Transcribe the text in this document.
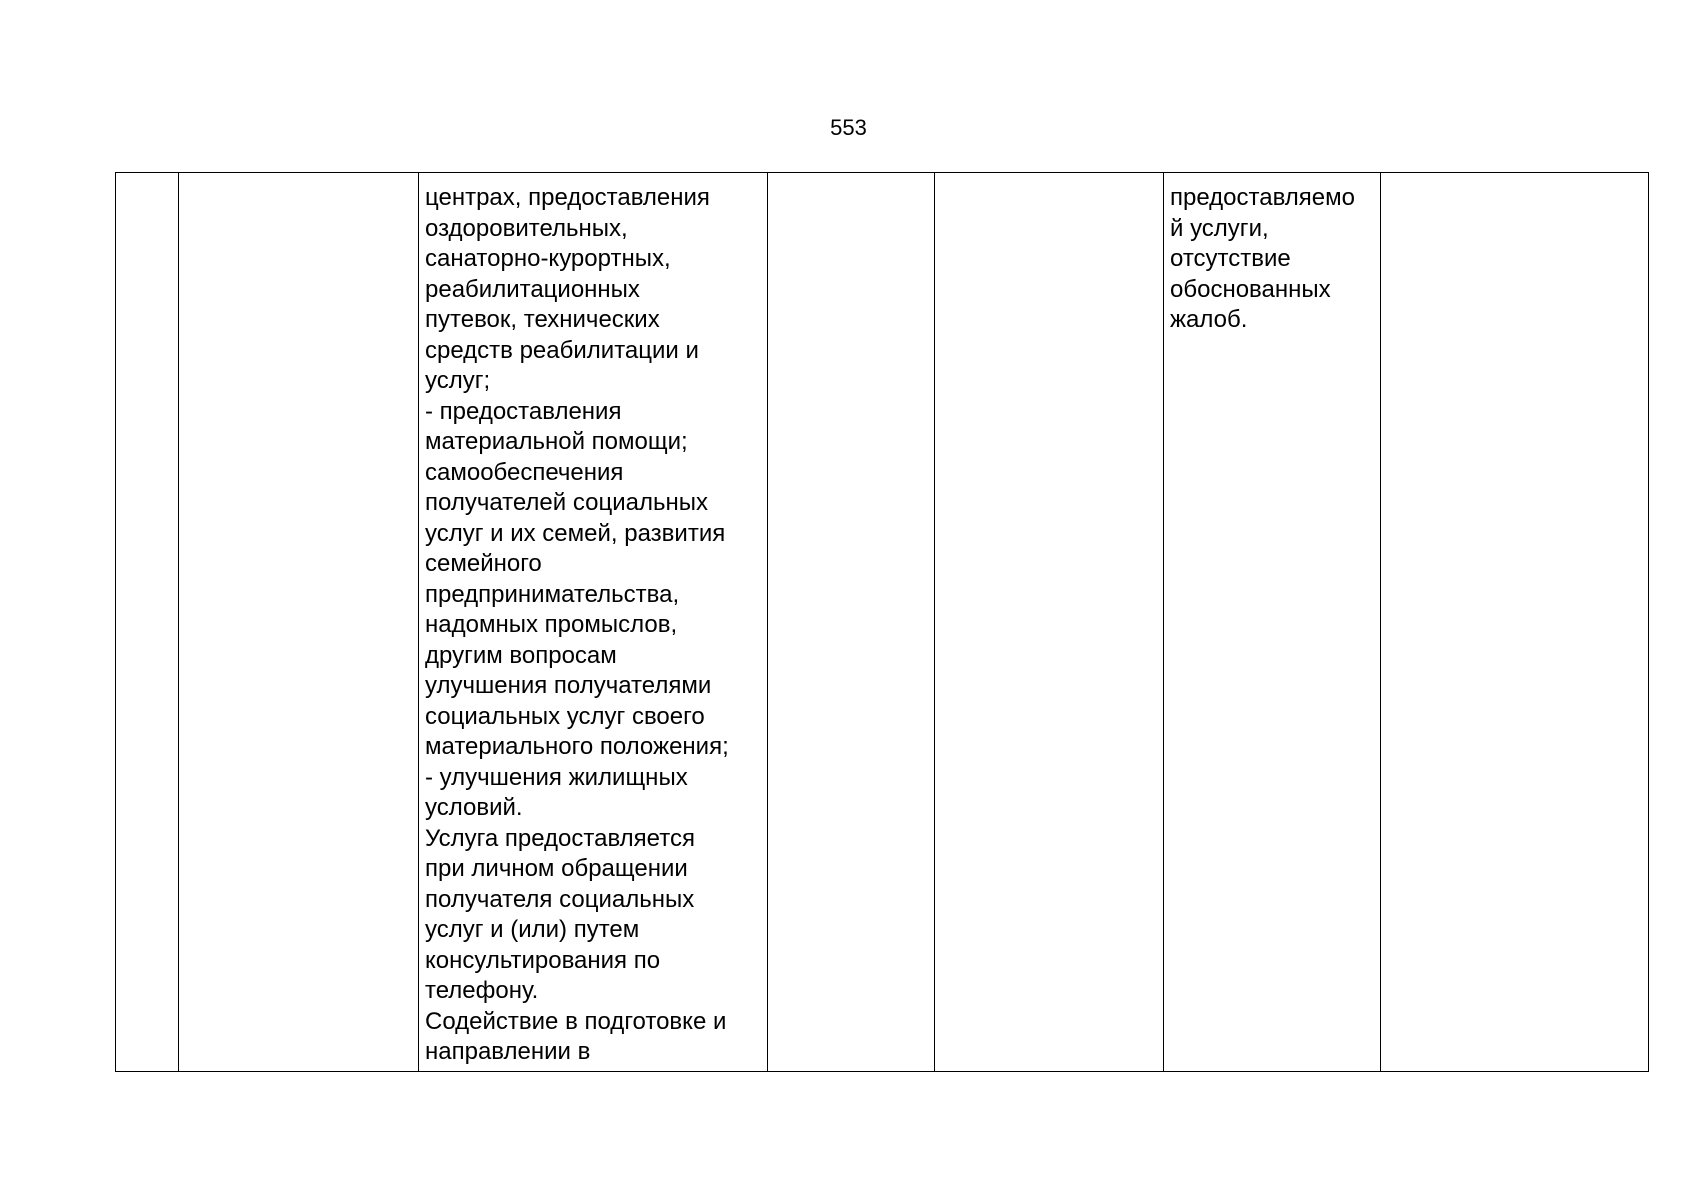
553
		центрах, предоставления
оздоровительных,
санаторно-курортных,
реабилитационных
путевок, технических
средств реабилитации и
услуг;
- предоставления
материальной помощи;
самообеспечения
получателей социальных
услуг и их семей, развития
семейного
предпринимательства,
надомных промыслов,
другим вопросам
улучшения получателями
социальных услуг своего
материального положения;
- улучшения жилищных
условий.
Услуга предоставляется
при личном обращении
получателя социальных
услуг и (или) путем
консультирования по
телефону.
Содействие в подготовке и
направлении в			предоставляемо
й услуги,
отсутствие
обоснованных
жалоб.	
